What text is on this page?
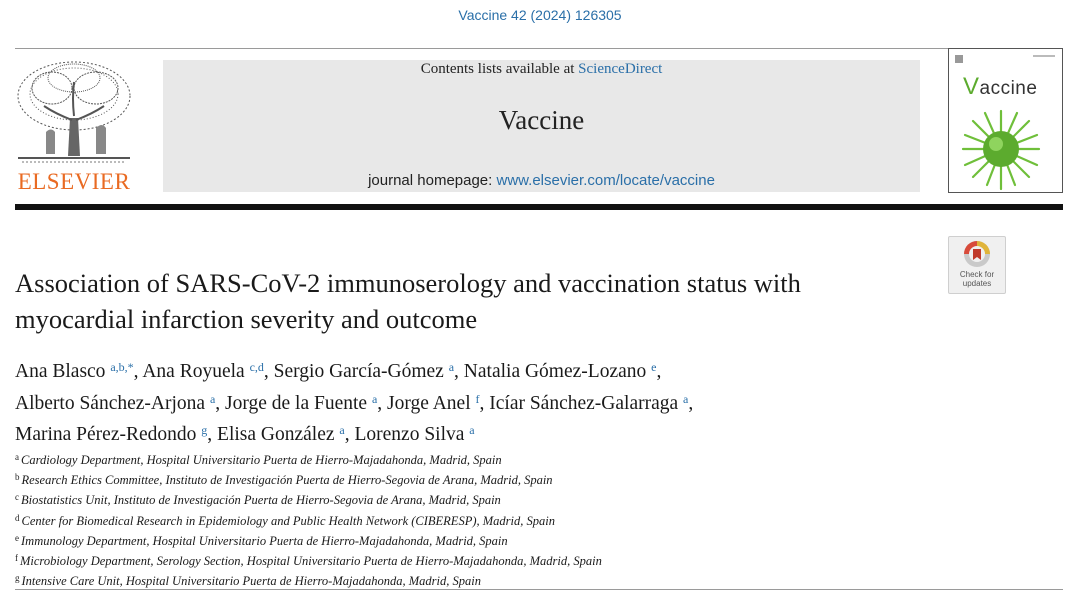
Vaccine 42 (2024) 126305
ELSEVIER
Contents lists available at ScienceDirect
Vaccine
journal homepage: www.elsevier.com/locate/vaccine
Vaccine
Check for
updates
Association of SARS-CoV-2 immunoserology and vaccination status with
myocardial infarction severity and outcome
Ana Blasco $^{a,b,*}$, Ana Royuela $^{c,d}$, Sergio García-Gómez $^a$, Natalia Gómez-Lozano $^e$,
Alberto Sánchez-Arjona $^a$, Jorge de la Fuente $^a$, Jorge Anel $^f$, Icíar Sánchez-Galarraga $^a$,
Marina Pérez-Redondo $^g$, Elisa González $^a$, Lorenzo Silva $^a$
$^a$ Cardiology Department, Hospital Universitario Puerta de Hierro-Majadahonda, Madrid, Spain
$^b$ Research Ethics Committee, Instituto de Investigación Puerta de Hierro-Segovia de Arana, Madrid, Spain
$^c$ Biostatistics Unit, Instituto de Investigación Puerta de Hierro-Segovia de Arana, Madrid, Spain
$^d$ Center for Biomedical Research in Epidemiology and Public Health Network (CIBERESP), Madrid, Spain
$^e$ Immunology Department, Hospital Universitario Puerta de Hierro-Majadahonda, Madrid, Spain
$^f$ Microbiology Department, Serology Section, Hospital Universitario Puerta de Hierro-Majadahonda, Madrid, Spain
$^g$ Intensive Care Unit, Hospital Universitario Puerta de Hierro-Majadahonda, Madrid, Spain
